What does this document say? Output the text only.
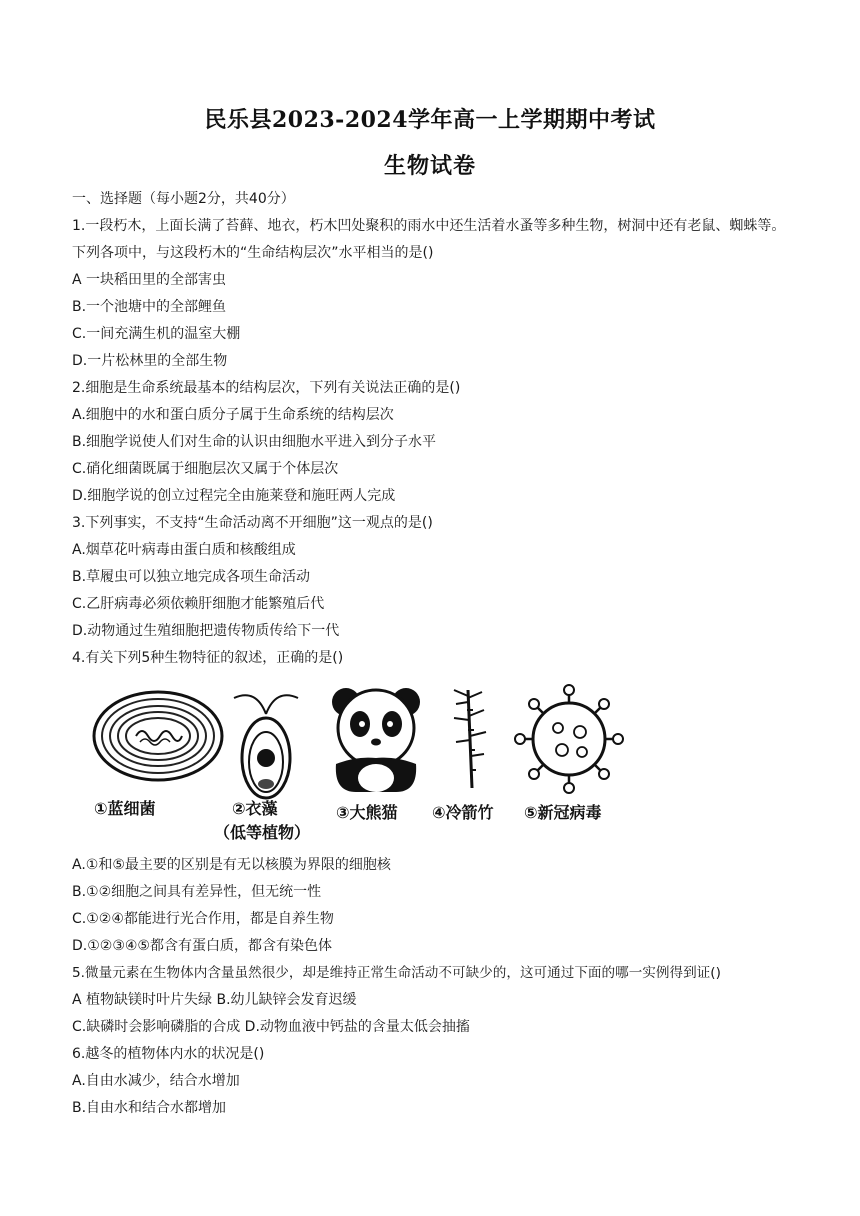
民乐县2023-2024学年高一上学期期中考试
生物试卷
一、选择题（每小题2分，共40分）
1.一段朽木，上面长满了苔藓、地衣，朽木凹处聚积的雨水中还生活着水蚤等多种生物，树洞中还有老鼠、蜘蛛等。下列各项中，与这段朽木的“生命结构层次”水平相当的是()
A 一块稻田里的全部害虫
B.一个池塘中的全部鲤鱼
C.一间充满生机的温室大棚
D.一片松林里的全部生物
2.细胞是生命系统最基本的结构层次，下列有关说法正确的是()
A.细胞中的水和蛋白质分子属于生命系统的结构层次
B.细胞学说使人们对生命的认识由细胞水平进入到分子水平
C.硝化细菌既属于细胞层次又属于个体层次
D.细胞学说的创立过程完全由施莱登和施旺两人完成
3.下列事实，不支持“生命活动离不开细胞”这一观点的是()
A.烟草花叶病毒由蛋白质和核酸组成
B.草履虫可以独立地完成各项生命活动
C.乙肝病毒必须依赖肝细胞才能繁殖后代
D.动物通过生殖细胞把遗传物质传给下一代
4.有关下列5种生物特征的叙述，正确的是()
①蓝细菌	②衣藻
（低等植物）
③大熊猫 ④冷箭竹 ⑤新冠病毒
A.①和⑤最主要的区别是有无以核膜为界限的细胞核
B.①②细胞之间具有差异性，但无统一性
C.①②④都能进行光合作用，都是自养生物
D.①②③④⑤都含有蛋白质，都含有染色体
5.微量元素在生物体内含量虽然很少，却是维持正常生命活动不可缺少的，这可通过下面的哪一实例得到证()
A 植物缺镁时叶片失绿 B.幼儿缺锌会发育迟缓
C.缺磷时会影响磷脂的合成 D.动物血液中钙盐的含量太低会抽搐
6.越冬的植物体内水的状况是()
A.自由水减少，结合水增加
B.自由水和结合水都增加
